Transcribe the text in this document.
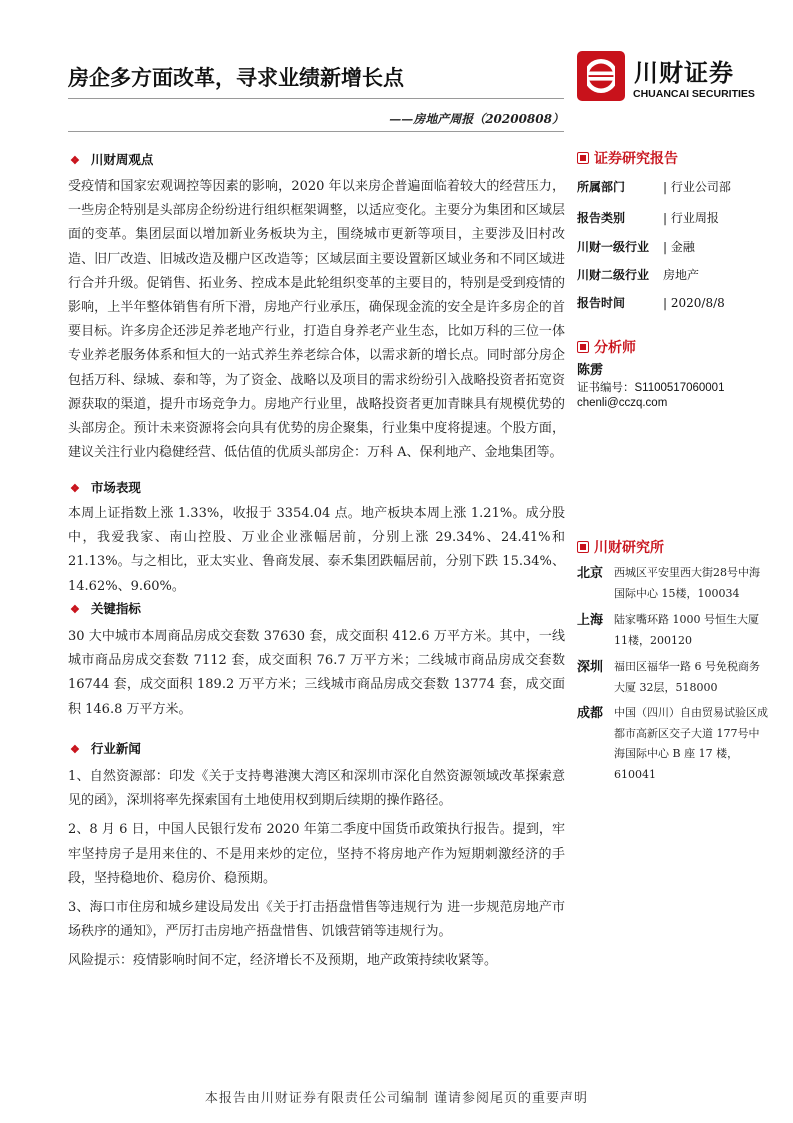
房企多方面改革，寻求业绩新增长点	川财证券
CHUANCAI SECURITIES
——房地产周报（20200808）
❖ 川财周观点

受疫情和国家宏观调控等因素的影响，2020 年以来房企普遍面临着较大的经营压力，一些房企特别是头部房企纷纷进行组织框架调整，以适应变化。主要分为集团和区域层面的变革。集团层面以增加新业务板块为主，围绕城市更新等项目，主要涉及旧村改造、旧厂改造、旧城改造及棚户区改造等；区域层面主要设置新区域业务和不同区域进行合并升级。促销售、拓业务、控成本是此轮组织变革的主要目的，特别是受到疫情的影响，上半年整体销售有所下滑，房地产行业承压，确保现金流的安全是许多房企的首要目标。许多房企还涉足养老地产行业，打造自身养老产业生态，比如万科的三位一体专业养老服务体系和恒大的一站式养生养老综合体，以需求新的增长点。同时部分房企包括万科、绿城、泰和等，为了资金、战略以及项目的需求纷纷引入战略投资者拓宽资源获取的渠道，提升市场竞争力。房地产行业里，战略投资者更加青睐具有规模优势的头部房企。预计未来资源将会向具有优势的房企聚集，行业集中度将提速。个股方面，建议关注行业内稳健经营、低估值的优质头部房企：万科 A、保利地产、金地集团等。

❖ 市场表现

本周上证指数上涨 1.33%，收报于 3354.04 点。地产板块本周上涨 1.21%。成分股中，我爱我家、南山控股、万业企业涨幅居前，分别上涨 29.34%、24.41%和 21.13%。与之相比，亚太实业、鲁商发展、泰禾集团跌幅居前，分别下跌 15.34%、14.62%、9.60%。

❖ 关键指标

30 大中城市本周商品房成交套数 37630 套，成交面积 412.6 万平方米。其中，一线城市商品房成交套数 7112 套，成交面积 76.7 万平方米；二线城市商品房成交套数 16744 套，成交面积 189.2 万平方米；三线城市商品房成交套数 13774 套，成交面积 146.8 万平方米。

❖ 行业新闻

1、自然资源部：印发《关于支持粤港澳大湾区和深圳市深化自然资源领域改革探索意见的函》，深圳将率先探索国有土地使用权到期后续期的操作路径。

2、8 月 6 日，中国人民银行发布 2020 年第二季度中国货币政策执行报告。提到，牢牢坚持房子是用来住的、不是用来炒的定位，坚持不将房地产作为短期刺激经济的手段，坚持稳地价、稳房价、稳预期。

3、海口市住房和城乡建设局发出《关于打击捂盘惜售等违规行为 进一步规范房地产市场秩序的通知》，严厉打击房地产捂盘惜售、饥饿营销等违规行为。

风险提示：疫情影响时间不定，经济增长不及预期，地产政策持续收紧等。

证券研究报告
所属部门	| 行业公司部
报告类别	| 行业周报
川财一级行业 | 金融
川财二级行业 房地产
报告时间	| 2020/8/8
分析师
陈雳
证书编号：S1100517060001
chenli@cczq.com
川财研究所
北京 西城区平安里西大街28号中海国际中心 15楼，100034

上海 陆家嘴环路 1000 号恒生大厦 11楼，200120

深圳 福田区福华一路 6 号免税商务大厦 32层，518000

成都 中国（四川）自由贸易试验区成都市高新区交子大道 177号中海国际中心 B 座 17 楼，610041

本报告由川财证券有限责任公司编制 谨请参阅尾页的重要声明
